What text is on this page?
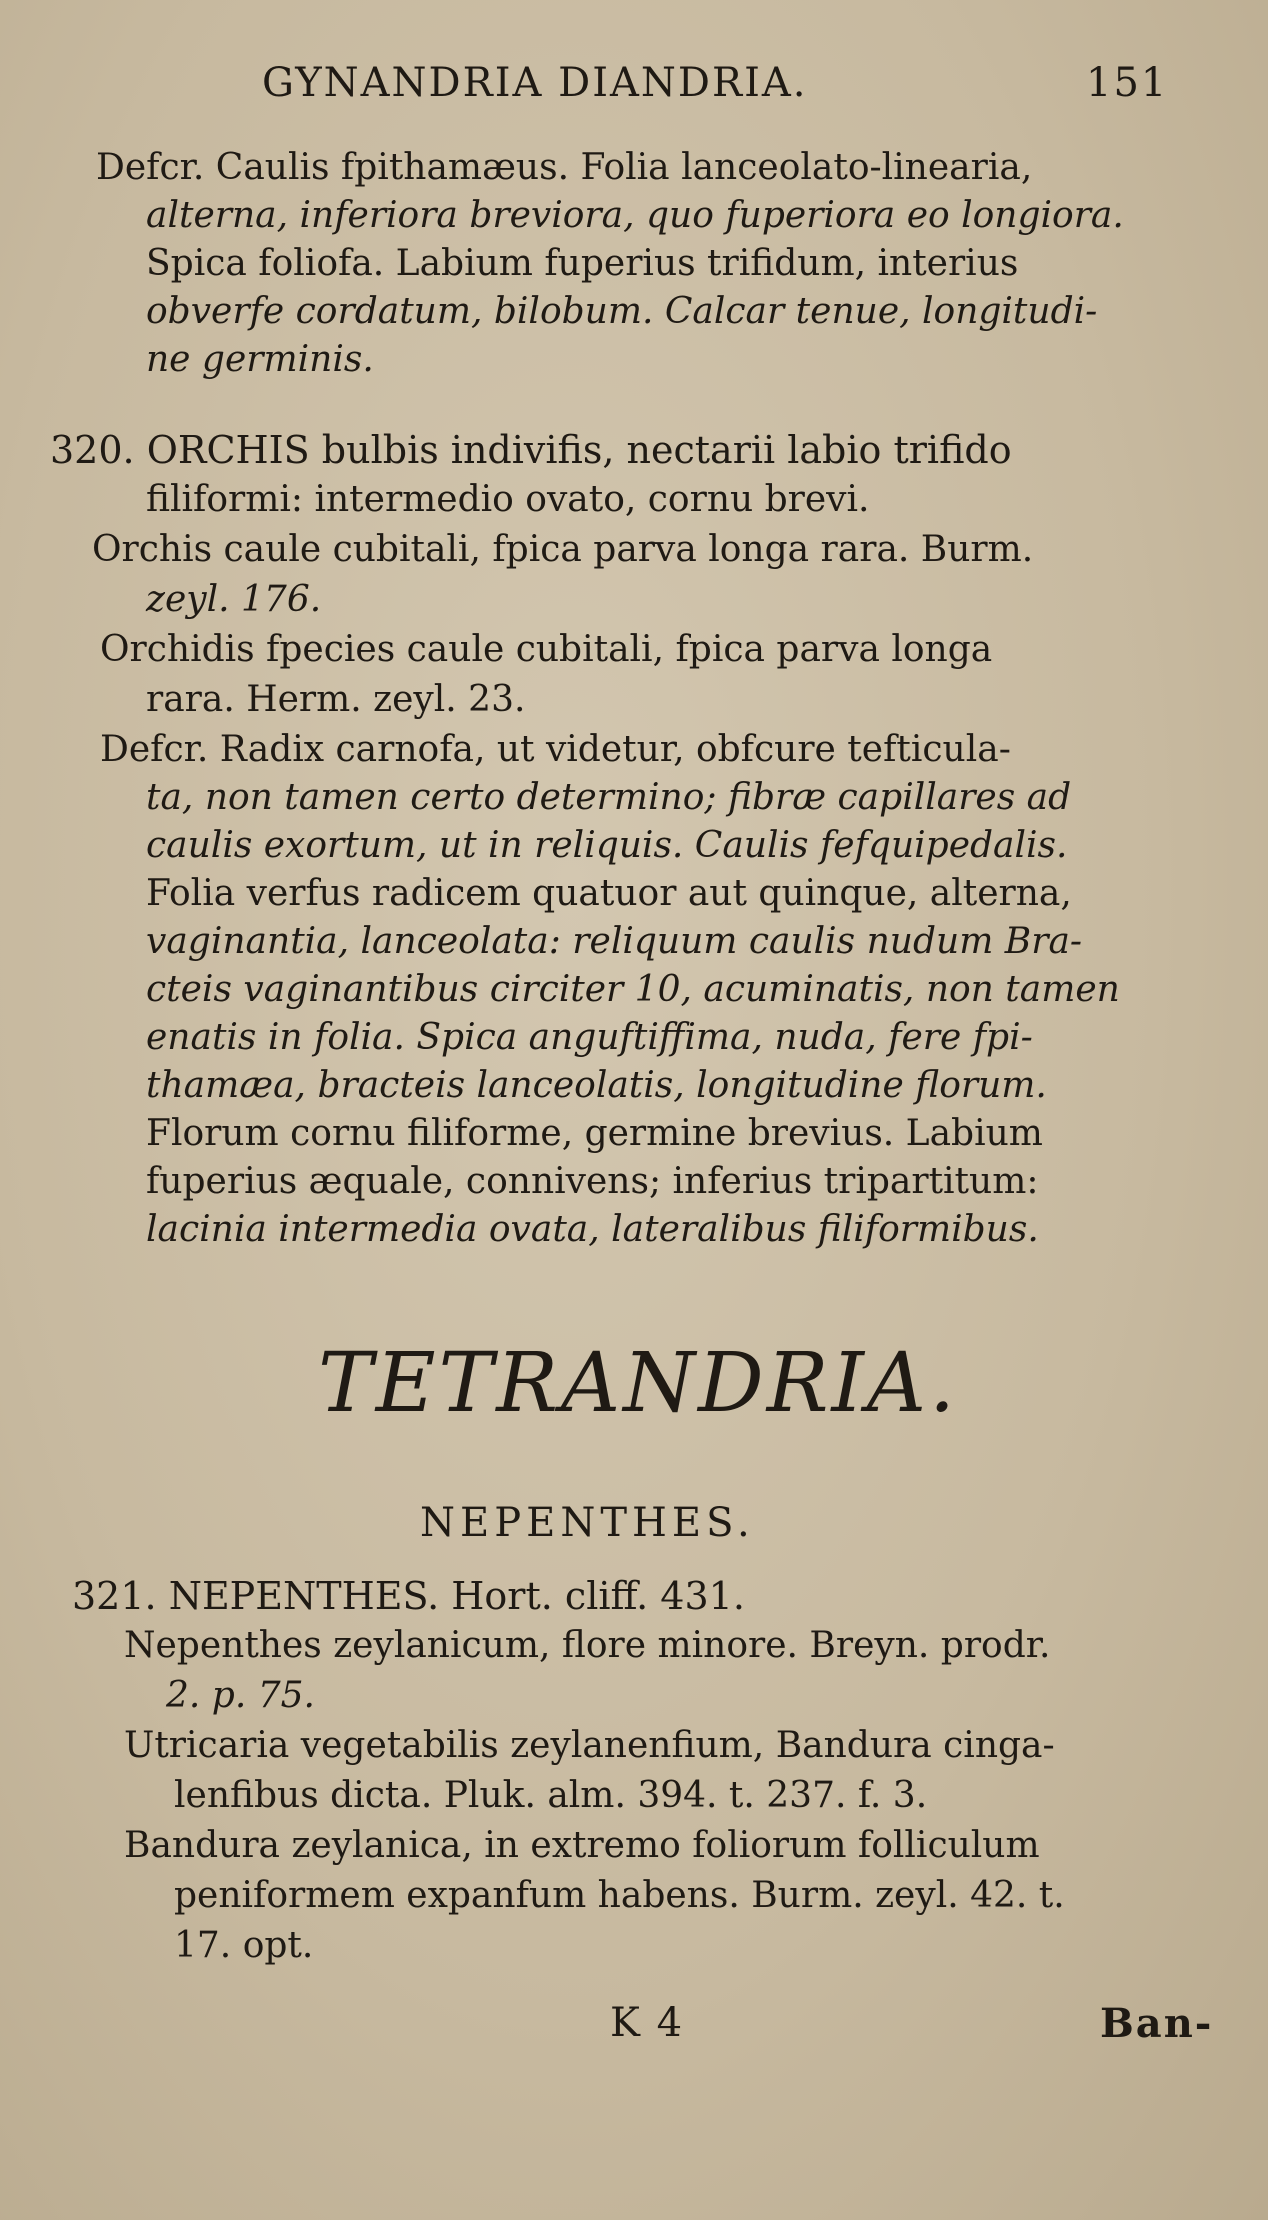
GYNANDRIA DIANDRIA.	151
Defcr. Caulis fpithamæus. Folia lanceolato-linearia,
alterna, inferiora breviora, quo fuperiora eo longiora.
Spica foliofa. Labium fuperius trifidum, interius
obverfe cordatum, bilobum. Calcar tenue, longitudi-
ne germinis.
320. ORCHIS bulbis indivifis, nectarii labio trifido
filiformi: intermedio ovato, cornu brevi.
Orchis caule cubitali, fpica parva longa rara. Burm.
zeyl. 176.
Orchidis fpecies caule cubitali, fpica parva longa
rara. Herm. zeyl. 23.
Defcr. Radix carnofa, ut videtur, obfcure tefticula-
ta, non tamen certo determino; fibræ capillares ad
caulis exortum, ut in reliquis. Caulis fefquipedalis.
Folia verfus radicem quatuor aut quinque, alterna,
vaginantia, lanceolata: reliquum caulis nudum Bra-
cteis vaginantibus circiter 10, acuminatis, non tamen
enatis in folia. Spica anguftiffima, nuda, fere fpi-
thamæa, bracteis lanceolatis, longitudine florum.
Florum cornu filiforme, germine brevius. Labium
fuperius æquale, connivens; inferius tripartitum:
lacinia intermedia ovata, lateralibus filiformibus.
TETRANDRIA.
NEPENTHES.
321. NEPENTHES. Hort. cliff. 431.
Nepenthes zeylanicum, flore minore. Breyn. prodr.
2. p. 75.
Utricaria vegetabilis zeylanenfium, Bandura cinga-
lenfibus dicta. Pluk. alm. 394. t. 237. f. 3.
Bandura zeylanica, in extremo foliorum folliculum
peniformem expanfum habens. Burm. zeyl. 42. t.
17. opt.
K 4	Ban-
